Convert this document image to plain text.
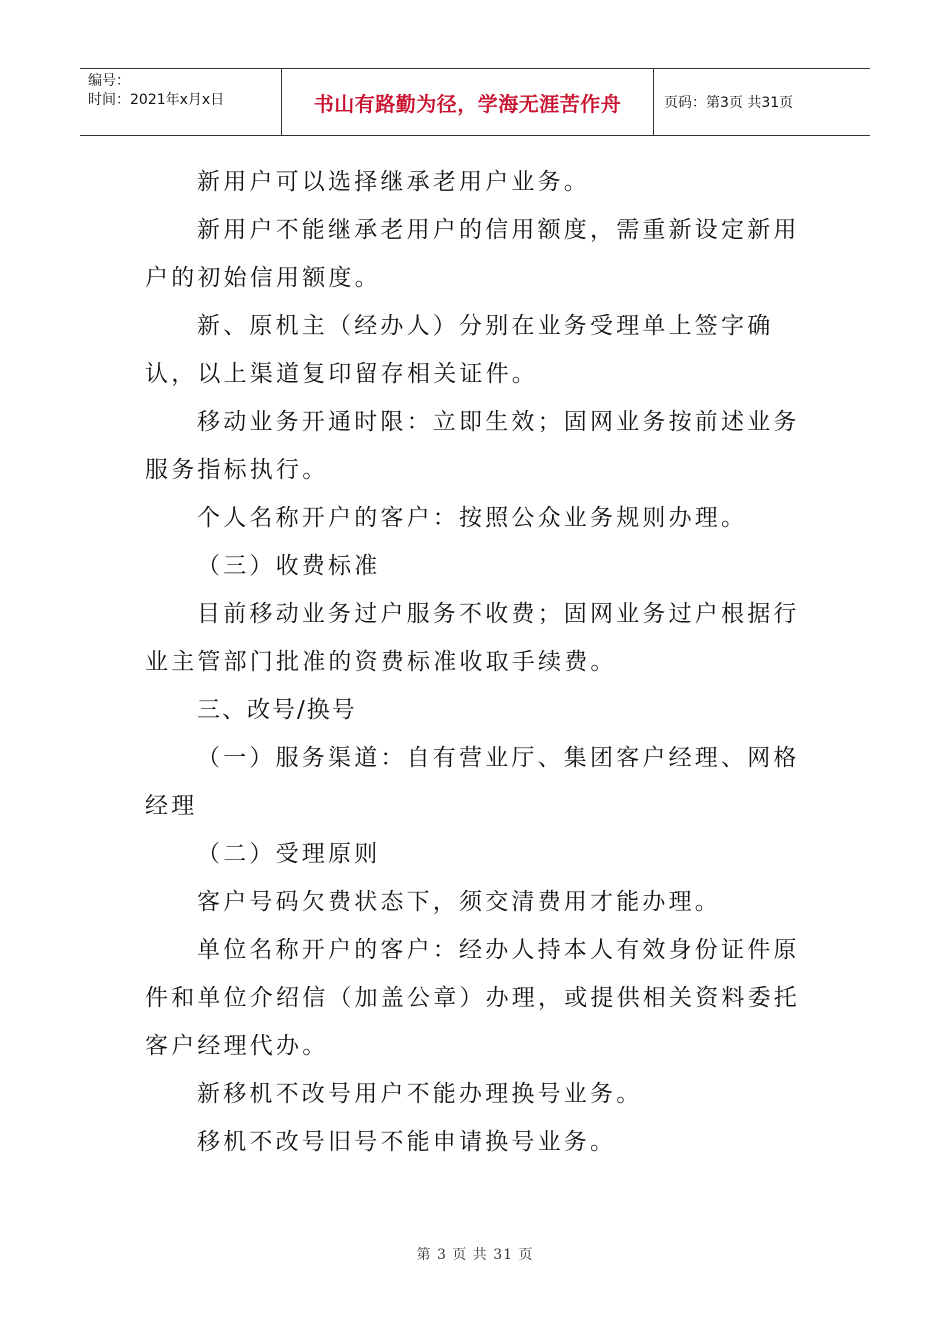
编号：
时间：2021年x月x日	书山有路勤为径，学海无涯苦作舟	页码：第3页 共31页

新用户可以选择继承老用户业务。

新用户不能继承老用户的信用额度，需重新设定新用户的初始信用额度。

新、原机主（经办人）分别在业务受理单上签字确认，以上渠道复印留存相关证件。

移动业务开通时限：立即生效；固网业务按前述业务服务指标执行。

个人名称开户的客户：按照公众业务规则办理。

（三）收费标准

目前移动业务过户服务不收费；固网业务过户根据行业主管部门批准的资费标准收取手续费。

三、改号/换号

（一）服务渠道：自有营业厅、集团客户经理、网格经理

（二）受理原则

客户号码欠费状态下，须交清费用才能办理。

单位名称开户的客户：经办人持本人有效身份证件原件和单位介绍信（加盖公章）办理，或提供相关资料委托客户经理代办。

新移机不改号用户不能办理换号业务。

移机不改号旧号不能申请换号业务。

第 3 页 共 31 页
